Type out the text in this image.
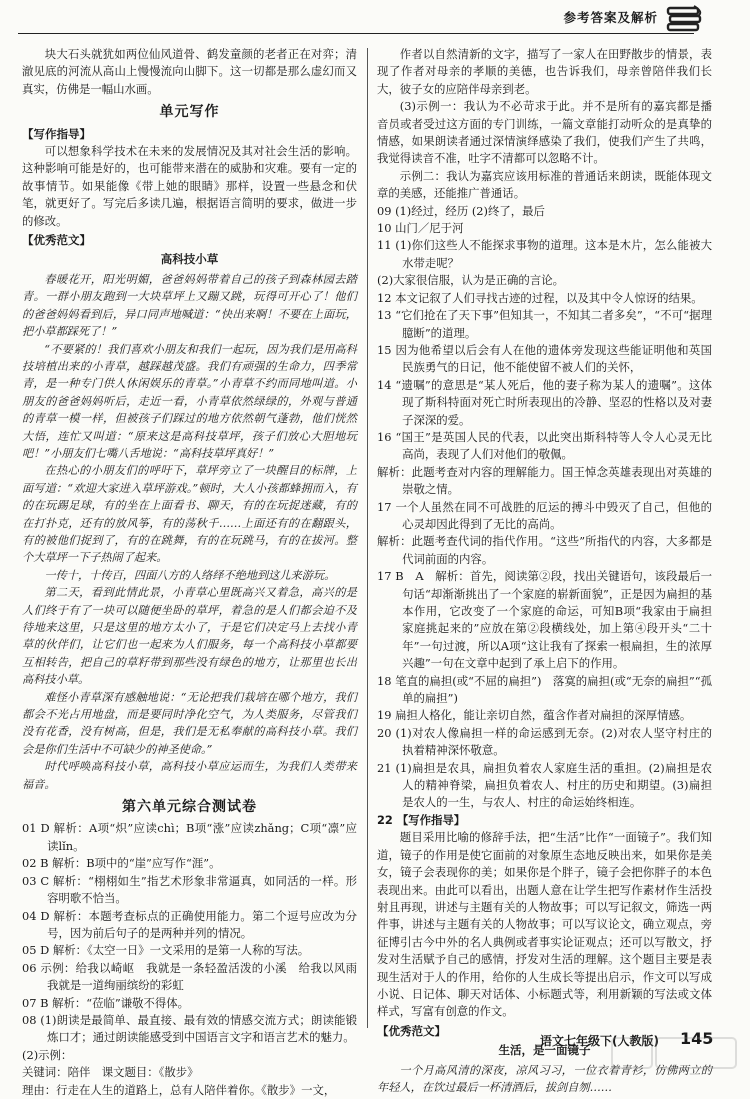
参考答案及解析

块大石头就犹如两位仙风道骨、鹤发童颜的老者正在对弈；清澈见底的河流从高山上慢慢流向山脚下。这一切都是那么虚幻而又真实，仿佛是一幅山水画。

单元写作
【写作指导】

可以想象科学技术在未来的发展情况及其对社会生活的影响。这种影响可能是好的，也可能带来潜在的威胁和灾难。要有一定的故事情节。如果能像《带上她的眼睛》那样，设置一些悬念和伏笔，就更好了。写完后多读几遍，根据语言简明的要求，做进一步的修改。

【优秀范文】
高科技小草

春暖花开，阳光明媚，爸爸妈妈带着自己的孩子到森林园去踏青。一群小朋友跑到一大块草坪上又蹦又跳，玩得可开心了！他们的爸爸妈妈看到后，异口同声地喊道：“快出来啊！不要在上面玩，把小草都踩死了！”

“不要紧的！我们喜欢小朋友和我们一起玩，因为我们是用高科技培植出来的小青草，越踩越茂盛。我们有顽强的生命力，四季常青，是一种专门供人休闲娱乐的青草。”小青草不约而同地叫道。小朋友的爸爸妈妈听后，走近一看，小青草依然绿绿的，外观与普通的青草一模一样，但被孩子们踩过的地方依然朝气蓬勃，他们恍然大悟，连忙又叫道：“原来这是高科技草坪，孩子们放心大胆地玩吧！”小朋友们七嘴八舌地说：“高科技草坪真好！”

在热心的小朋友们的呼吁下，草坪旁立了一块醒目的标牌，上面写道：“欢迎大家进入草坪游戏。”顿时，大人小孩都蜂拥而入，有的在玩踢足球，有的坐在上面看书、聊天，有的在玩捉迷藏，有的在打扑克，还有的放风筝，有的荡秋千……上面还有的在翻跟头，有的被他们捉到了，有的在跳舞，有的在玩跳马，有的在拔河。整个大草坪一下子热闹了起来。

一传十，十传百，四面八方的人络绎不绝地到这儿来游玩。

第二天，看到此情此景，小青草心里既高兴又着急，高兴的是人们终于有了一块可以随便坐卧的草坪，着急的是人们都会迫不及待地来这里，只是这里的地方太小了，于是它们决定马上去找小青草的伙伴们，让它们也一起来为人们服务，每一个高科技小草都要互相转告，把自己的草籽带到那些没有绿色的地方，让那里也长出高科技小草。

难怪小青草深有感触地说：“无论把我们栽培在哪个地方，我们都会不光占用地盘，而是要同时净化空气，为人类服务，尽管我们没有花香，没有树高，但是，我们是无私奉献的高科技小草。我们会是你们生活中不可缺少的神圣使命。”

时代呼唤高科技小草，高科技小草应运而生，为我们人类带来福音。

第六单元综合测试卷

01 D 解析：A项“炽”应读chì；B项“涨”应读zhǎng；C项“凛”应读lǐn。

02 B 解析：B项中的“崖”应写作“涯”。

03 C 解析：“栩栩如生”指艺术形象非常逼真，如同活的一样。形容明歌不恰当。

04 D 解析：本题考查标点的正确使用能力。第二个逗号应改为分号，因为前后句子的是两种并列的情况。

05 D 解析：《太空一日》一文采用的是第一人称的写法。

06 示例：给我以崎岖　我就是一条轻盈活泼的小溪　给我以风雨　我就是一道绚丽缤纷的彩虹

07 B 解析：“莅临”谦敬不得体。

08 (1)朗读是最简单、最直接、最有效的情感交流方式；朗读能锻炼口才；通过朗读能感受到中国语言文字和语言艺术的魅力。

(2)示例：

关键词：陪伴　课文题目：《散步》

理由：行走在人生的道路上，总有人陪伴着你。《散步》一文，

作者以自然清新的文字，描写了一家人在田野散步的情景，表现了作者对母亲的孝顺的美德，也告诉我们，母亲曾陪伴我们长大，彼子女的应陪伴母亲到老。

(3)示例一：我认为不必苛求于此。并不是所有的嘉宾都是播音员或者受过这方面的专门训练，一篇文章能打动听众的是真挚的情感，如果朗读者通过深情演绎感染了我们，使我们产生了共鸣，我觉得读音不准，吐字不清都可以忽略不计。

示例二：我认为嘉宾应该用标准的普通话来朗读，既能体现文章的美感，还能推广普通话。

09 (1)经过，经历 (2)终了，最后

10 山门／尼于河

11 (1)你们这些人不能探求事物的道理。这本是木片，怎么能被大水带走呢？

(2)大家很信服，认为是正确的言论。

12 本文记叙了人们寻找古迹的过程，以及其中令人惊讶的结果。

13 “它们抢在了天下事”但知其一，不知其二者多矣”，“不可“据理臆断”的道理。

15 因为他希望以后会有人在他的遗体旁发现这些能证明他和英国民族勇气的日记，他不能使留不被人们的关怀，

14 “遗嘱”的意思是“某人死后，他的妻子称为某人的遗嘱”。这体现了斯科特面对死亡时所表现出的冷静、坚忍的性格以及对妻子深深的爱。

16 “国王”是英国人民的代表，以此突出斯科特等人令人心灵无比高尚，表现了人们对他们的敬佩。

解析：此题考查对内容的理解能力。国王悼念英雄表现出对英雄的崇敬之情。

17 一个人虽然在同不可战胜的厄运的搏斗中毁灭了自己，但他的心灵却因此得到了无比的高尚。

解析：此题考查代词的指代作用。“这些”所指代的内容，大多都是代词前面的内容。

17 B　A　解析：首先，阅读第②段，找出关键语句，该段最后一句话“却渐渐挑出了一个家庭的崭新面貌”，正是因为扁担的基本作用，它改变了一个家庭的命运，可知B项“我家由于扁担家庭挑起来的”应放在第②段横线处，加上第④段开头“二十年”一句过渡，所以A项“这让我有了探索一根扁担，生的浓厚兴趣”一句在文章中起到了承上启下的作用。

18 笔直的扁担(或“不屈的扁担”)　落寞的扁担(或“无奈的扁担”“孤单的扁担”)

19 扁担人格化，能让亲切自然，蕴含作者对扁担的深厚情感。

20 (1)对农人像扁担一样的命运感到无奈。(2)对农人坚守村庄的执着精神深怀敬意。

21 (1)扁担是农具，扁担负着农人家庭生活的重担。(2)扁担是农人的精神脊梁，扁担负着农人、村庄的历史和期望。(3)扁担是农人的一生，与农人、村庄的命运始终相连。

22 【写作指导】

题目采用比喻的修辞手法，把“生活”比作“一面镜子”。我们知道，镜子的作用是使它面前的对象原生态地反映出来，如果你是美女，镜子会表现你的美；如果你是个胖子，镜子会把你胖子的本色表现出来。由此可以看出，出题人意在让学生把写作素材作生活投射且再现，讲述与主题有关的人物故事；可以写记叙文，筛选一两件事，讲述与主题有关的人物故事；可以写议论文，确立观点，旁征博引古今中外的名人典例或者事实论证观点；还可以写散文，抒发对生活赋予自己的感情，抒发对生活的理解。这个题目主要是表现生活对于人的作用，给你的人生成长等提出启示，作文可以写成小说、日记体、聊天对话体、小标题式等，利用新颖的写法或文体样式，写富有创意的作文。

【优秀范文】
生活，是一面镜子

一个月高风清的深夜，凉风习习，一位衣着青衫，仿佛两立的年轻人，在饮过最后一杯清酒后，拔剑自刎……

语文七年级下(人教版) 145
